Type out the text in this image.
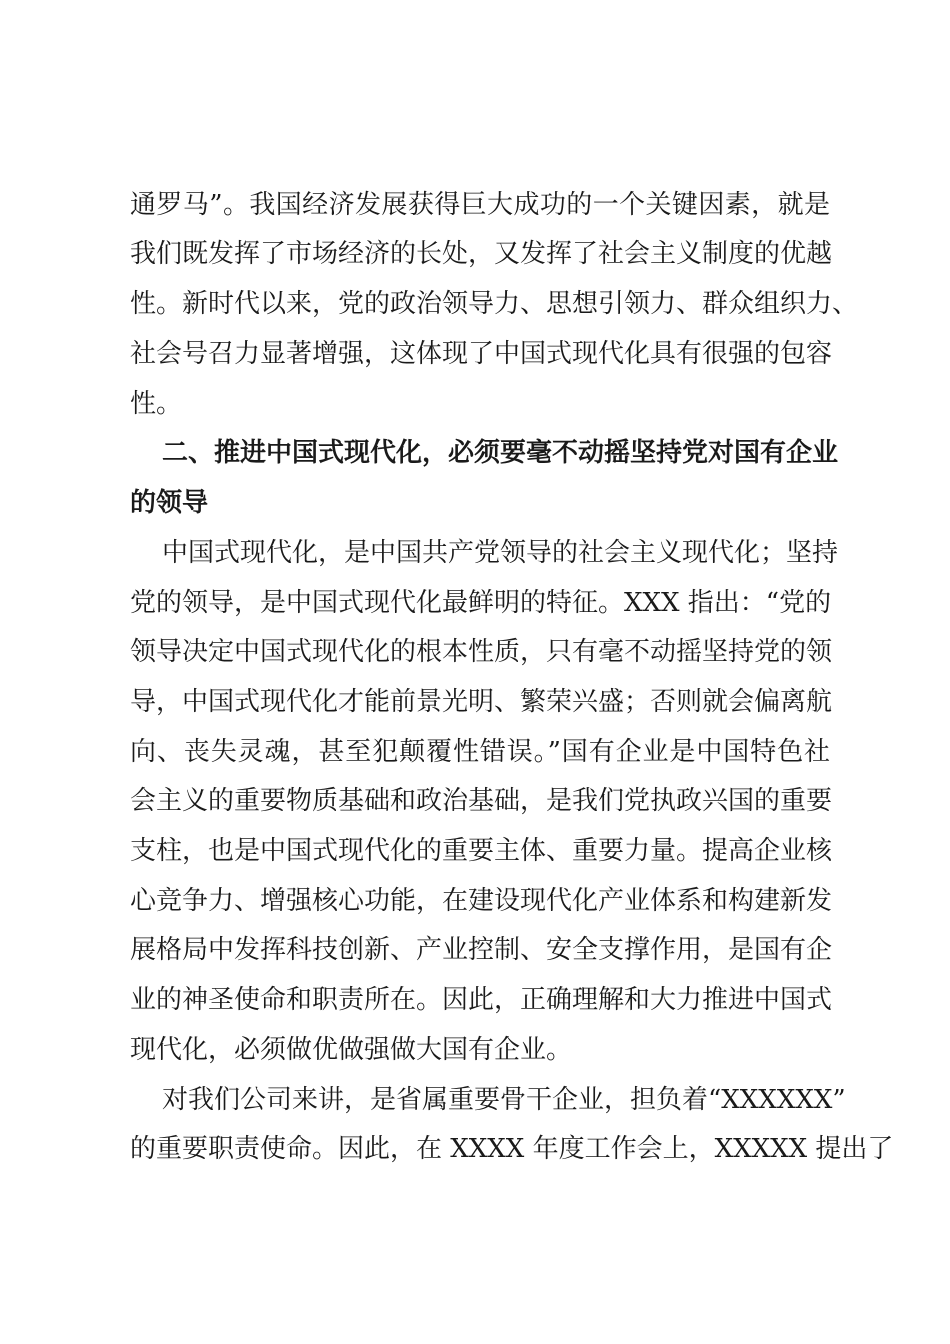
通罗马”。我国经济发展获得巨大成功的一个关键因素，就是
我们既发挥了市场经济的长处，又发挥了社会主义制度的优越
性。新时代以来，党的政治领导力、思想引领力、群众组织力、
社会号召力显著增强，这体现了中国式现代化具有很强的包容
性。
二、推进中国式现代化，必须要毫不动摇坚持党对国有企业
的领导
中国式现代化，是中国共产党领导的社会主义现代化；坚持
党的领导，是中国式现代化最鲜明的特征。XXX 指出：“党的
领导决定中国式现代化的根本性质，只有毫不动摇坚持党的领
导，中国式现代化才能前景光明、繁荣兴盛；否则就会偏离航
向、丧失灵魂，甚至犯颠覆性错误。”国有企业是中国特色社
会主义的重要物质基础和政治基础，是我们党执政兴国的重要
支柱，也是中国式现代化的重要主体、重要力量。提高企业核
心竞争力、增强核心功能，在建设现代化产业体系和构建新发
展格局中发挥科技创新、产业控制、安全支撑作用，是国有企
业的神圣使命和职责所在。因此，正确理解和大力推进中国式
现代化，必须做优做强做大国有企业。
对我们公司来讲，是省属重要骨干企业，担负着“XXXXXX”
的重要职责使命。因此，在 XXXX 年度工作会上，XXXXX 提出了
